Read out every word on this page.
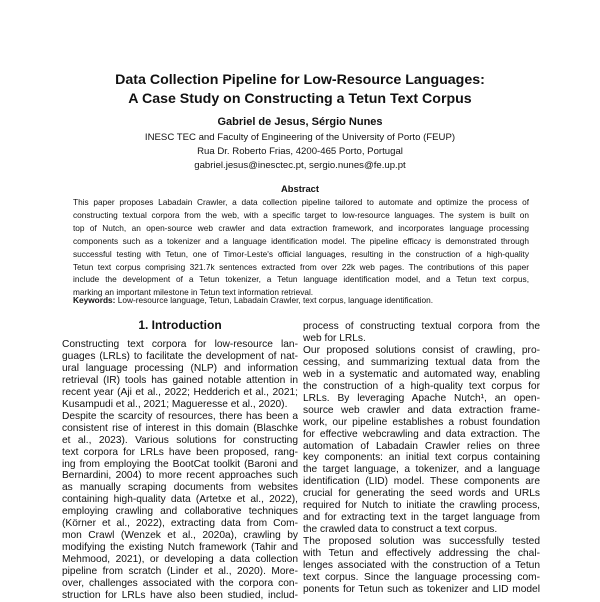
Data Collection Pipeline for Low-Resource Languages:
A Case Study on Constructing a Tetun Text Corpus
Gabriel de Jesus, Sérgio Nunes
INESC TEC and Faculty of Engineering of the University of Porto (FEUP)
Rua Dr. Roberto Frias, 4200-465 Porto, Portugal
gabriel.jesus@inesctec.pt, sergio.nunes@fe.up.pt
Abstract
This paper proposes Labadain Crawler, a data collection pipeline tailored to automate and optimize the process of
constructing textual corpora from the web, with a specific target to low-resource languages. The system is built on
top of Nutch, an open-source web crawler and data extraction framework, and incorporates language processing
components such as a tokenizer and a language identification model. The pipeline efficacy is demonstrated through
successful testing with Tetun, one of Timor-Leste's official languages, resulting in the construction of a high-quality
Tetun text corpus comprising 321.7k sentences extracted from over 22k web pages. The contributions of this paper
include the development of a Tetun tokenizer, a Tetun language identification model, and a Tetun text corpus,
marking an important milestone in Tetun text information retrieval.
Keywords: Low-resource language, Tetun, Labadain Crawler, text corpus, language identification.
1. Introduction
Constructing text corpora for low-resource lan-
guages (LRLs) to facilitate the development of nat-
ural language processing (NLP) and information
retrieval (IR) tools has gained notable attention in
recent year (Aji et al., 2022; Hedderich et al., 2021;
Kusampudi et al., 2021; Magueresse et al., 2020).
Despite the scarcity of resources, there has been a
consistent rise of interest in this domain (Blaschke
et al., 2023). Various solutions for constructing
text corpora for LRLs have been proposed, rang-
ing from employing the BootCat toolkit (Baroni and
Bernardini, 2004) to more recent approaches such
as manually scraping documents from websites
containing high-quality data (Artetxe et al., 2022),
employing crawling and collaborative techniques
(Körner et al., 2022), extracting data from Com-
mon Crawl (Wenzek et al., 2020a), crawling by
modifying the existing Nutch framework (Tahir and
Mehmood, 2021), or developing a data collection
pipeline from scratch (Linder et al., 2020). More-
over, challenges associated with the corpora con-
struction for LRLs have also been studied, includ-
process of constructing textual corpora from the
web for LRLs.
Our proposed solutions consist of crawling, pro-
cessing, and summarizing textual data from the
web in a systematic and automated way, enabling
the construction of a high-quality text corpus for
LRLs. By leveraging Apache Nutch¹, an open-
source web crawler and data extraction frame-
work, our pipeline establishes a robust foundation
for effective webcrawling and data extraction. The
automation of Labadain Crawler relies on three
key components: an initial text corpus containing
the target language, a tokenizer, and a language
identification (LID) model. These components are
crucial for generating the seed words and URLs
required for Nutch to initiate the crawling process,
and for extracting text in the target language from
the crawled data to construct a text corpus.
The proposed solution was successfully tested
with Tetun and effectively addressing the chal-
lenges associated with the construction of a Tetun
text corpus. Since the language processing com-
ponents for Tetun such as tokenizer and LID model
